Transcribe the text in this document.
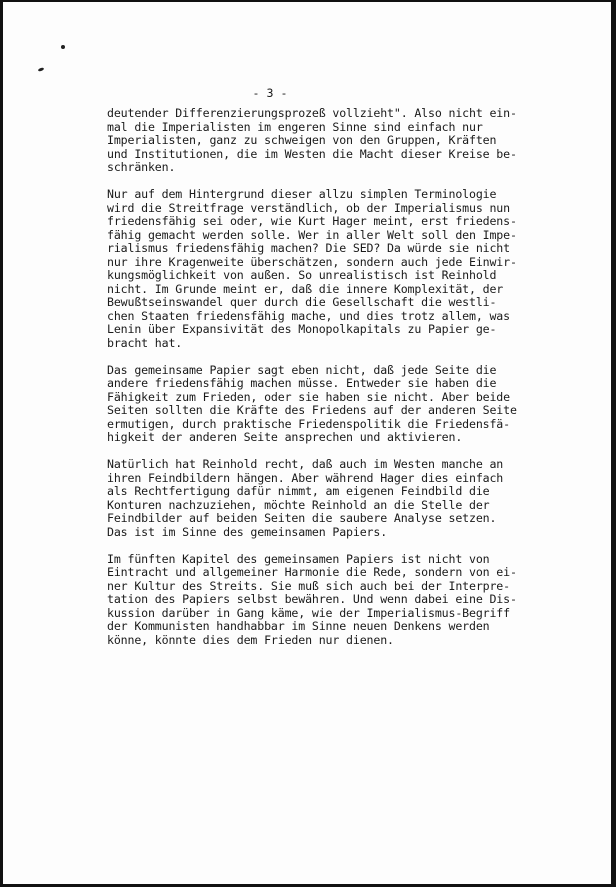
- 3 -
deutender Differenzierungsprozeß vollzieht". Also nicht ein-
mal die Imperialisten im engeren Sinne sind einfach nur
Imperialisten, ganz zu schweigen von den Gruppen, Kräften
und Institutionen, die im Westen die Macht dieser Kreise be-
schränken.
Nur auf dem Hintergrund dieser allzu simplen Terminologie
wird die Streitfrage verständlich, ob der Imperialismus nun
friedensfähig sei oder, wie Kurt Hager meint, erst friedens-
fähig gemacht werden solle. Wer in aller Welt soll den Impe-
rialismus friedensfähig machen? Die SED? Da würde sie nicht
nur ihre Kragenweite überschätzen, sondern auch jede Einwir-
kungsmöglichkeit von außen. So unrealistisch ist Reinhold
nicht. Im Grunde meint er, daß die innere Komplexität, der
Bewußtseinswandel quer durch die Gesellschaft die westli-
chen Staaten friedensfähig mache, und dies trotz allem, was
Lenin über Expansivität des Monopolkapitals zu Papier ge-
bracht hat.
Das gemeinsame Papier sagt eben nicht, daß jede Seite die
andere friedensfähig machen müsse. Entweder sie haben die
Fähigkeit zum Frieden, oder sie haben sie nicht. Aber beide
Seiten sollten die Kräfte des Friedens auf der anderen Seite
ermutigen, durch praktische Friedenspolitik die Friedensfä-
higkeit der anderen Seite ansprechen und aktivieren.
Natürlich hat Reinhold recht, daß auch im Westen manche an
ihren Feindbildern hängen. Aber während Hager dies einfach
als Rechtfertigung dafür nimmt, am eigenen Feindbild die
Konturen nachzuziehen, möchte Reinhold an die Stelle der
Feindbilder auf beiden Seiten die saubere Analyse setzen.
Das ist im Sinne des gemeinsamen Papiers.
Im fünften Kapitel des gemeinsamen Papiers ist nicht von
Eintracht und allgemeiner Harmonie die Rede, sondern von ei-
ner Kultur des Streits. Sie muß sich auch bei der Interpre-
tation des Papiers selbst bewähren. Und wenn dabei eine Dis-
kussion darüber in Gang käme, wie der Imperialismus-Begriff
der Kommunisten handhabbar im Sinne neuen Denkens werden
könne, könnte dies dem Frieden nur dienen.
